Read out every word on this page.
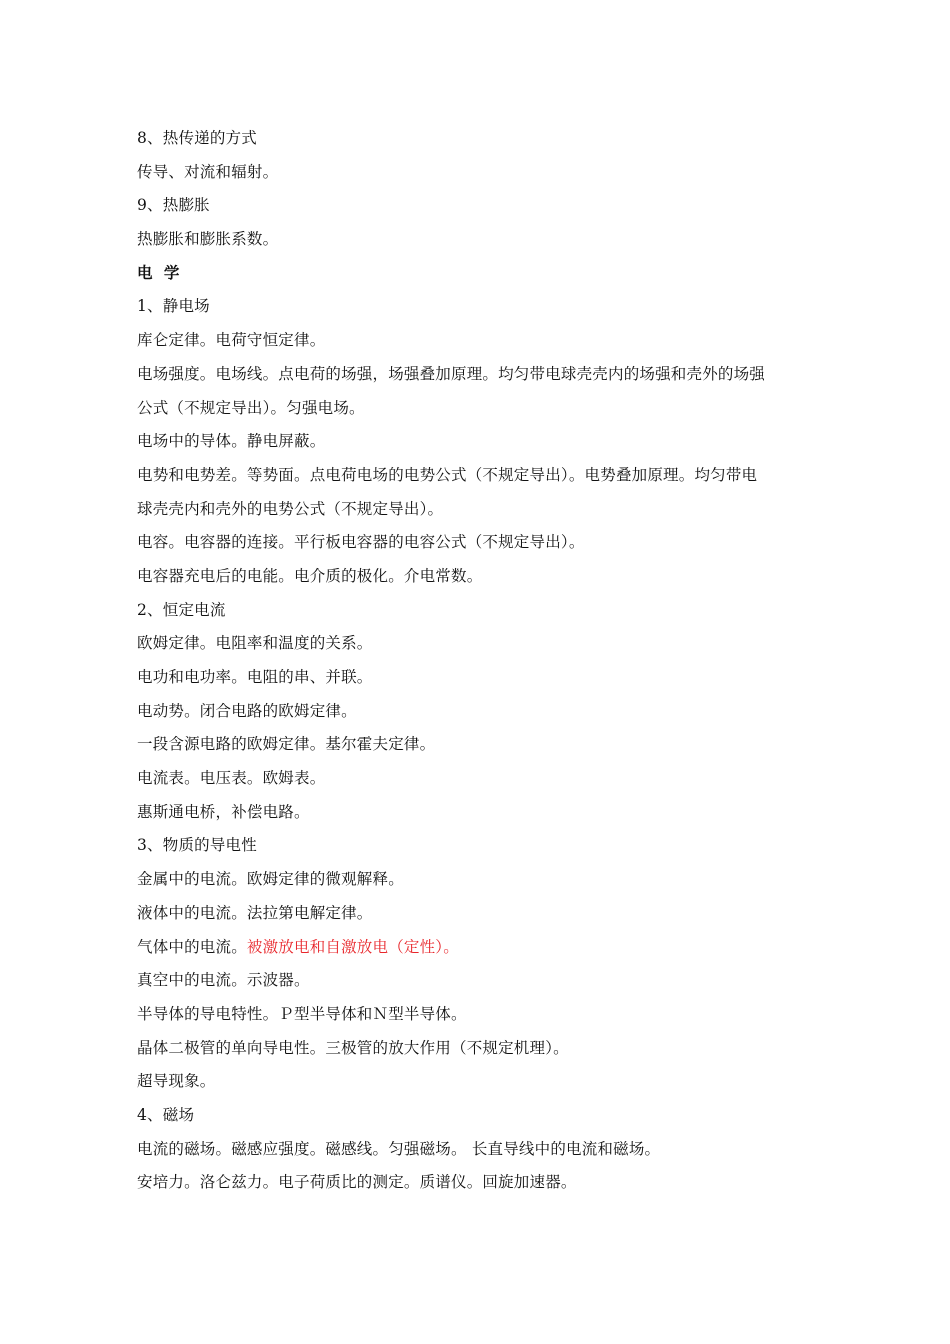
8、热传递的方式
传导、对流和辐射。
9、热膨胀
热膨胀和膨胀系数。
电 学
1、静电场
库仑定律。电荷守恒定律。
电场强度。电场线。点电荷的场强，场强叠加原理。均匀带电球壳壳内的场强和壳外的场强
公式（不规定导出）。匀强电场。
电场中的导体。静电屏蔽。
电势和电势差。等势面。点电荷电场的电势公式（不规定导出）。电势叠加原理。均匀带电
球壳壳内和壳外的电势公式（不规定导出）。
电容。电容器的连接。平行板电容器的电容公式（不规定导出）。
电容器充电后的电能。电介质的极化。介电常数。
2、恒定电流
欧姆定律。电阻率和温度的关系。
电功和电功率。电阻的串、并联。
电动势。闭合电路的欧姆定律。
一段含源电路的欧姆定律。基尔霍夫定律。
电流表。电压表。欧姆表。
惠斯通电桥，补偿电路。
3、物质的导电性
金属中的电流。欧姆定律的微观解释。
液体中的电流。法拉第电解定律。
气体中的电流。被激放电和自激放电（定性）。
真空中的电流。示波器。
半导体的导电特性。Ｐ型半导体和Ｎ型半导体。
晶体二极管的单向导电性。三极管的放大作用（不规定机理）。
超导现象。
4、磁场
电流的磁场。磁感应强度。磁感线。匀强磁场。 长直导线中的电流和磁场。
安培力。洛仑兹力。电子荷质比的测定。质谱仪。回旋加速器。
